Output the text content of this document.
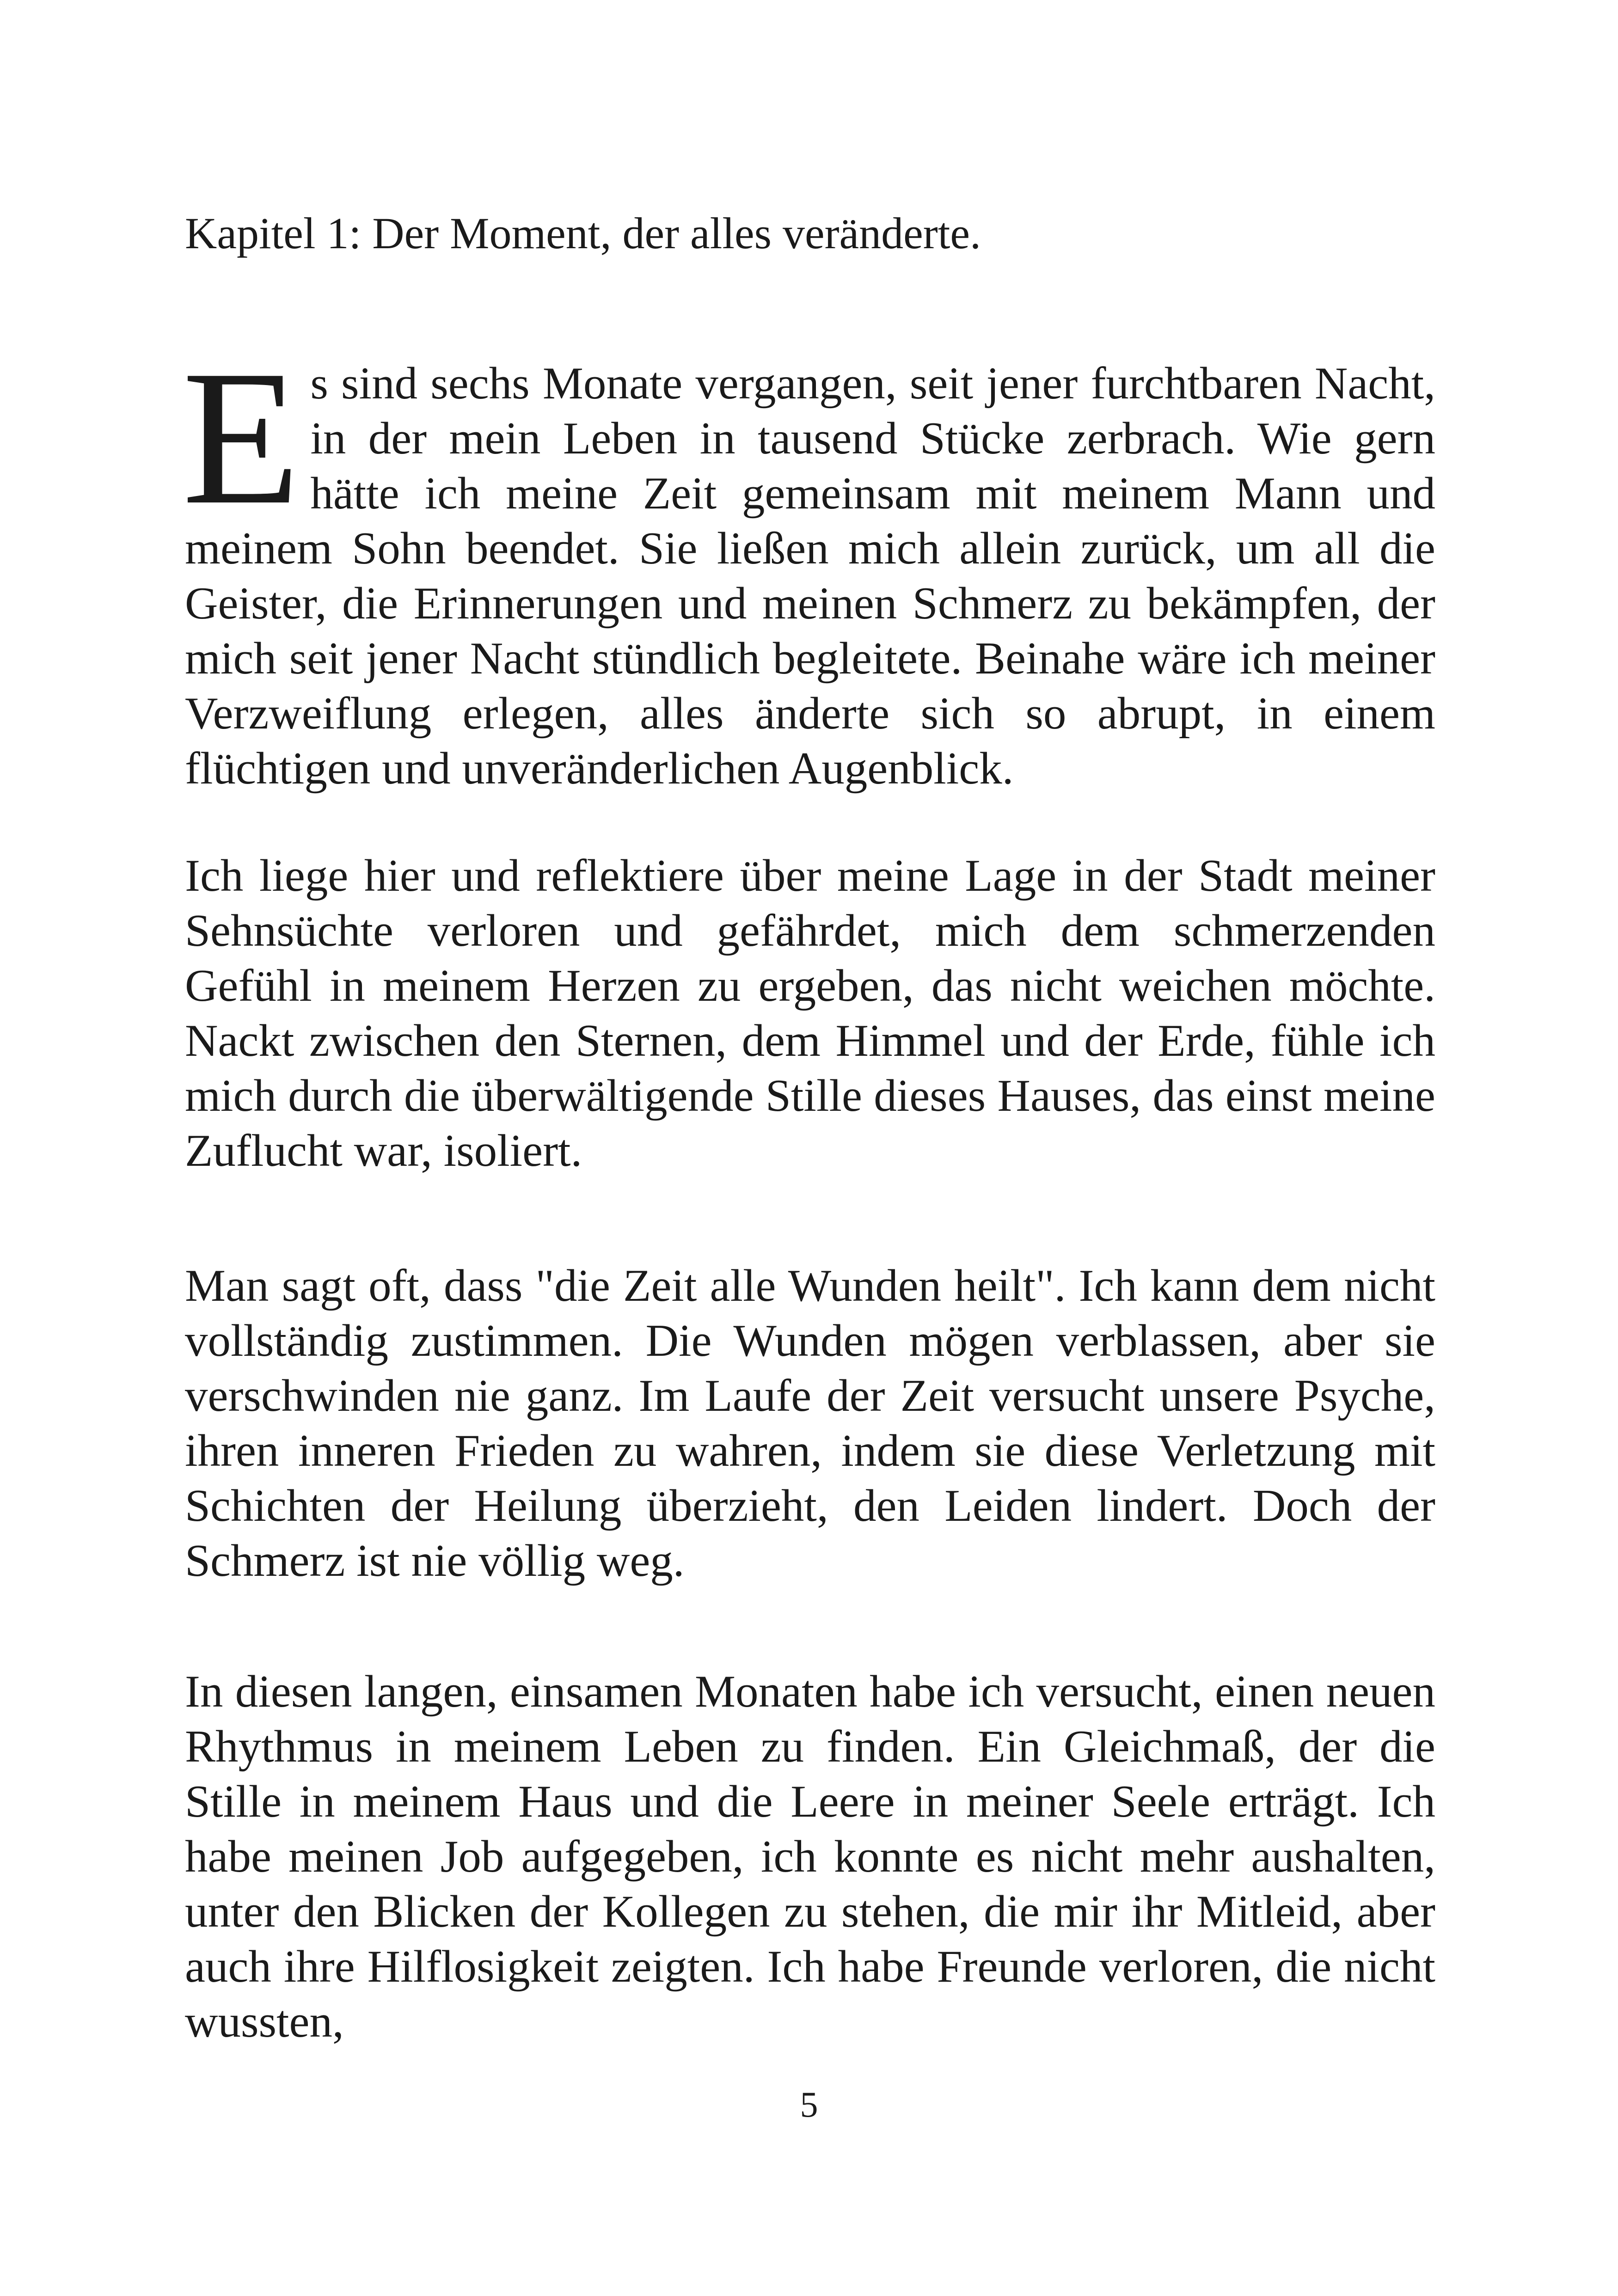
Kapitel 1: Der Moment, der alles veränderte.

Es sind sechs Monate vergangen, seit jener furchtbaren Nacht, in der mein Leben in tausend Stücke zerbrach. Wie gern hätte ich meine Zeit gemeinsam mit meinem Mann und meinem Sohn beendet. Sie ließen mich allein zurück, um all die Geister, die Erinnerungen und meinen Schmerz zu bekämpfen, der mich seit jener Nacht stündlich begleitete. Beinahe wäre ich meiner Verzweiflung erlegen, alles änderte sich so abrupt, in einem flüchtigen und unveränderlichen Augenblick.

Ich liege hier und reflektiere über meine Lage in der Stadt meiner Sehnsüchte verloren und gefährdet, mich dem schmerzenden Gefühl in meinem Herzen zu ergeben, das nicht weichen möchte. Nackt zwischen den Sternen, dem Himmel und der Erde, fühle ich mich durch die überwältigende Stille dieses Hauses, das einst meine Zuflucht war, isoliert.

Man sagt oft, dass "die Zeit alle Wunden heilt". Ich kann dem nicht vollständig zustimmen. Die Wunden mögen verblassen, aber sie verschwinden nie ganz. Im Laufe der Zeit versucht unsere Psyche, ihren inneren Frieden zu wahren, indem sie diese Verletzung mit Schichten der Heilung überzieht, den Leiden lindert. Doch der Schmerz ist nie völlig weg.

In diesen langen, einsamen Monaten habe ich versucht, einen neuen Rhythmus in meinem Leben zu finden. Ein Gleichmaß, der die Stille in meinem Haus und die Leere in meiner Seele erträgt. Ich habe meinen Job aufgegeben, ich konnte es nicht mehr aushalten, unter den Blicken der Kollegen zu stehen, die mir ihr Mitleid, aber auch ihre Hilflosigkeit zeigten. Ich habe Freunde verloren, die nicht wussten,

5
